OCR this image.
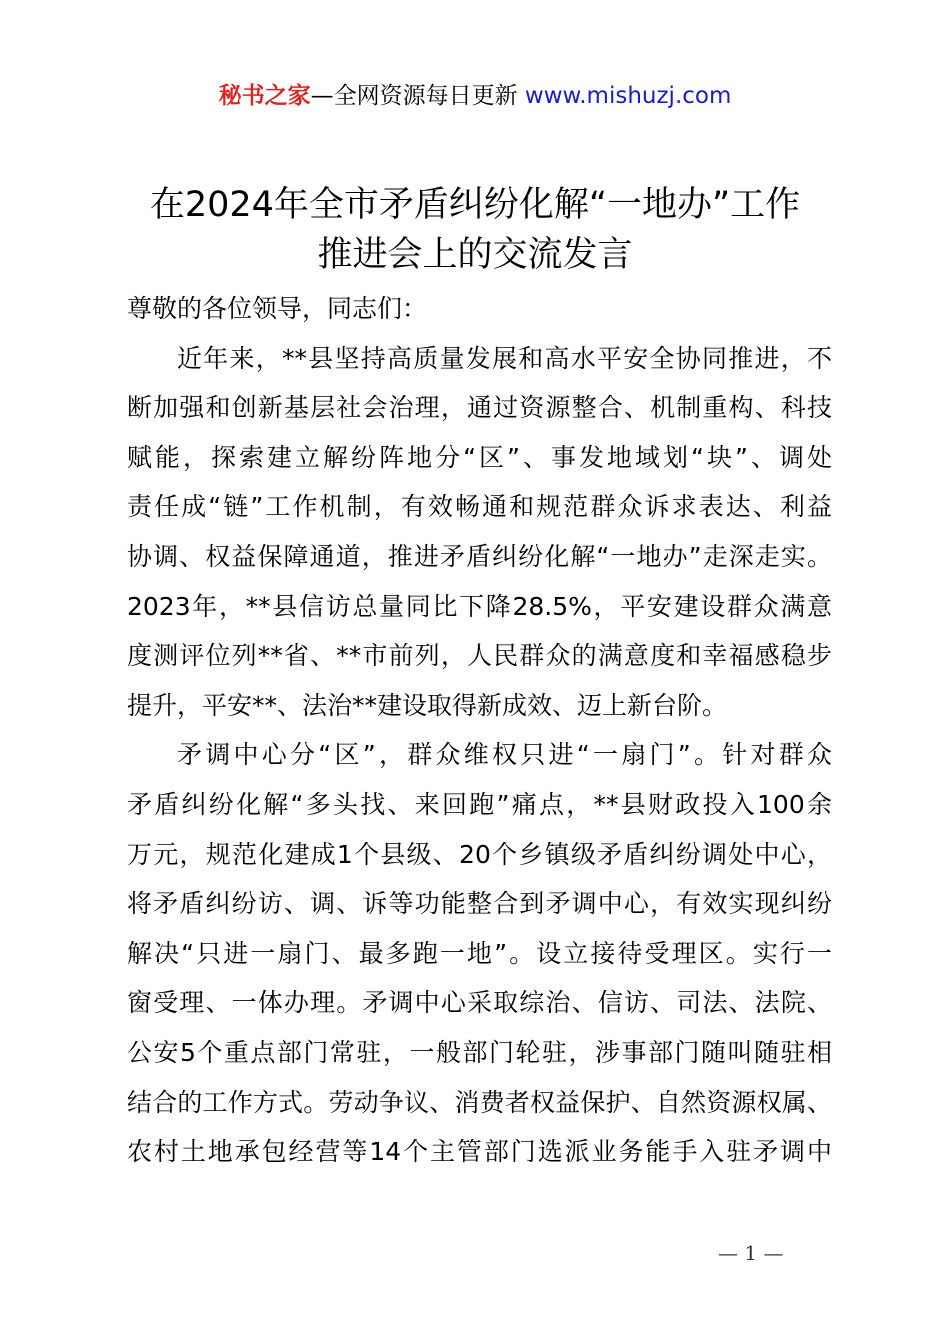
秘书之家—全网资源每日更新 www.mishuzj.com
在2024年全市矛盾纠纷化解“一地办”工作
推进会上的交流发言

尊敬的各位领导，同志们：

近年来，**县坚持高质量发展和高水平安全协同推进，不
断加强和创新基层社会治理，通过资源整合、机制重构、科技
赋能，探索建立解纷阵地分“区”、事发地域划“块”、调处
责任成“链”工作机制，有效畅通和规范群众诉求表达、利益
协调、权益保障通道，推进矛盾纠纷化解“一地办”走深走实。
2023年，**县信访总量同比下降28.5%，平安建设群众满意
度测评位列**省、**市前列，人民群众的满意度和幸福感稳步
提升，平安**、法治**建设取得新成效、迈上新台阶。
矛调中心分“区”，群众维权只进“一扇门”。针对群众
矛盾纠纷化解“多头找、来回跑”痛点，**县财政投入100余
万元，规范化建成1个县级、20个乡镇级矛盾纠纷调处中心，
将矛盾纠纷访、调、诉等功能整合到矛调中心，有效实现纠纷
解决“只进一扇门、最多跑一地”。设立接待受理区。实行一
窗受理、一体办理。矛调中心采取综治、信访、司法、法院、
公安5个重点部门常驻，一般部门轮驻，涉事部门随叫随驻相
结合的工作方式。劳动争议、消费者权益保护、自然资源权属、
农村土地承包经营等14个主管部门选派业务能手入驻矛调中
— 1 —
